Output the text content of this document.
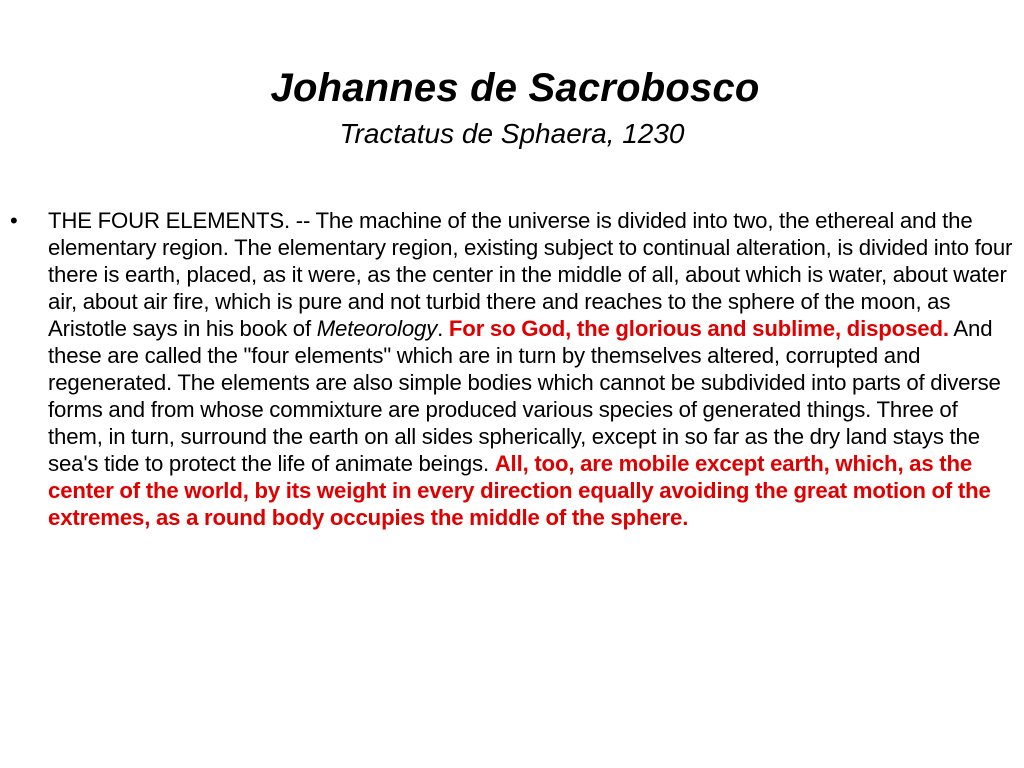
Johannes de Sacrobosco
Tractatus de Sphaera, 1230
•	THE FOUR ELEMENTS. -- The machine of the universe is divided into two, the ethereal and the elementary region. The elementary region, existing subject to continual alteration, is divided into four there is earth, placed, as it were, as the center in the middle of all, about which is water, about water air, about air fire, which is pure and not turbid there and reaches to the sphere of the moon, as Aristotle says in his book of Meteorology. For so God, the glorious and sublime, disposed. And these are called the "four elements" which are in turn by themselves altered, corrupted and regenerated. The elements are also simple bodies which cannot be subdivided into parts of diverse forms and from whose commixture are produced various species of generated things. Three of them, in turn, surround the earth on all sides spherically, except in so far as the dry land stays the sea's tide to protect the life of animate beings. All, too, are mobile except earth, which, as the center of the world, by its weight in every direction equally avoiding the great motion of the extremes, as a round body occupies the middle of the sphere.
